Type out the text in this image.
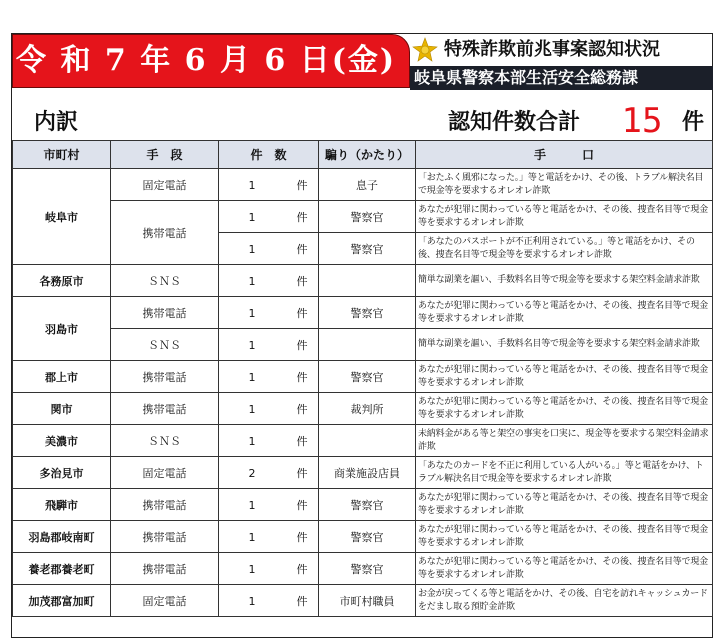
令 和 7 年 6 月 6 日(金)	特殊詐欺前兆事案認知状況
岐阜県警察本部生活安全総務課
内訳	認知件数合計 15 件
市町村	手　段	件　数	騙り（かたり）	手　　　口
岐阜市	固定電話	1 件	息子	「おたふく風邪になった。」等と電話をかけ、その後、トラブル解決名目で現金等を要求するオレオレ詐欺
	携帯電話	1 件	警察官	あなたが犯罪に関わっている等と電話をかけ、その後、捜査名目等で現金等を要求するオレオレ詐欺
		1 件	警察官	「あなたのパスポートが不正利用されている。」等と電話をかけ、その後、捜査名目等で現金等を要求するオレオレ詐欺
各務原市	ＳＮＳ	1 件		簡単な副業を謳い、手数料名目等で現金等を要求する架空料金請求詐欺
羽島市	携帯電話	1 件	警察官	あなたが犯罪に関わっている等と電話をかけ、その後、捜査名目等で現金等を要求するオレオレ詐欺
	ＳＮＳ	1 件		簡単な副業を謳い、手数料名目等で現金等を要求する架空料金請求詐欺
郡上市	携帯電話	1 件	警察官	あなたが犯罪に関わっている等と電話をかけ、その後、捜査名目等で現金等を要求するオレオレ詐欺
関市	携帯電話	1 件	裁判所	あなたが犯罪に関わっている等と電話をかけ、その後、捜査名目等で現金等を要求するオレオレ詐欺
美濃市	ＳＮＳ	1 件		未納料金がある等と架空の事実を口実に、現金等を要求する架空料金請求詐欺
多治見市	固定電話	2 件	商業施設店員	「あなたのカードを不正に利用している人がいる。」等と電話をかけ、トラブル解決名目で現金等を要求するオレオレ詐欺
飛騨市	携帯電話	1 件	警察官	あなたが犯罪に関わっている等と電話をかけ、その後、捜査名目等で現金等を要求するオレオレ詐欺
羽島郡岐南町	携帯電話	1 件	警察官	あなたが犯罪に関わっている等と電話をかけ、その後、捜査名目等で現金等を要求するオレオレ詐欺
養老郡養老町	携帯電話	1 件	警察官	あなたが犯罪に関わっている等と電話をかけ、その後、捜査名目等で現金等を要求するオレオレ詐欺
加茂郡富加町	固定電話	1 件	市町村職員	お金が戻ってくる等と電話をかけ、その後、自宅を訪れキャッシュカードをだまし取る預貯金詐欺
